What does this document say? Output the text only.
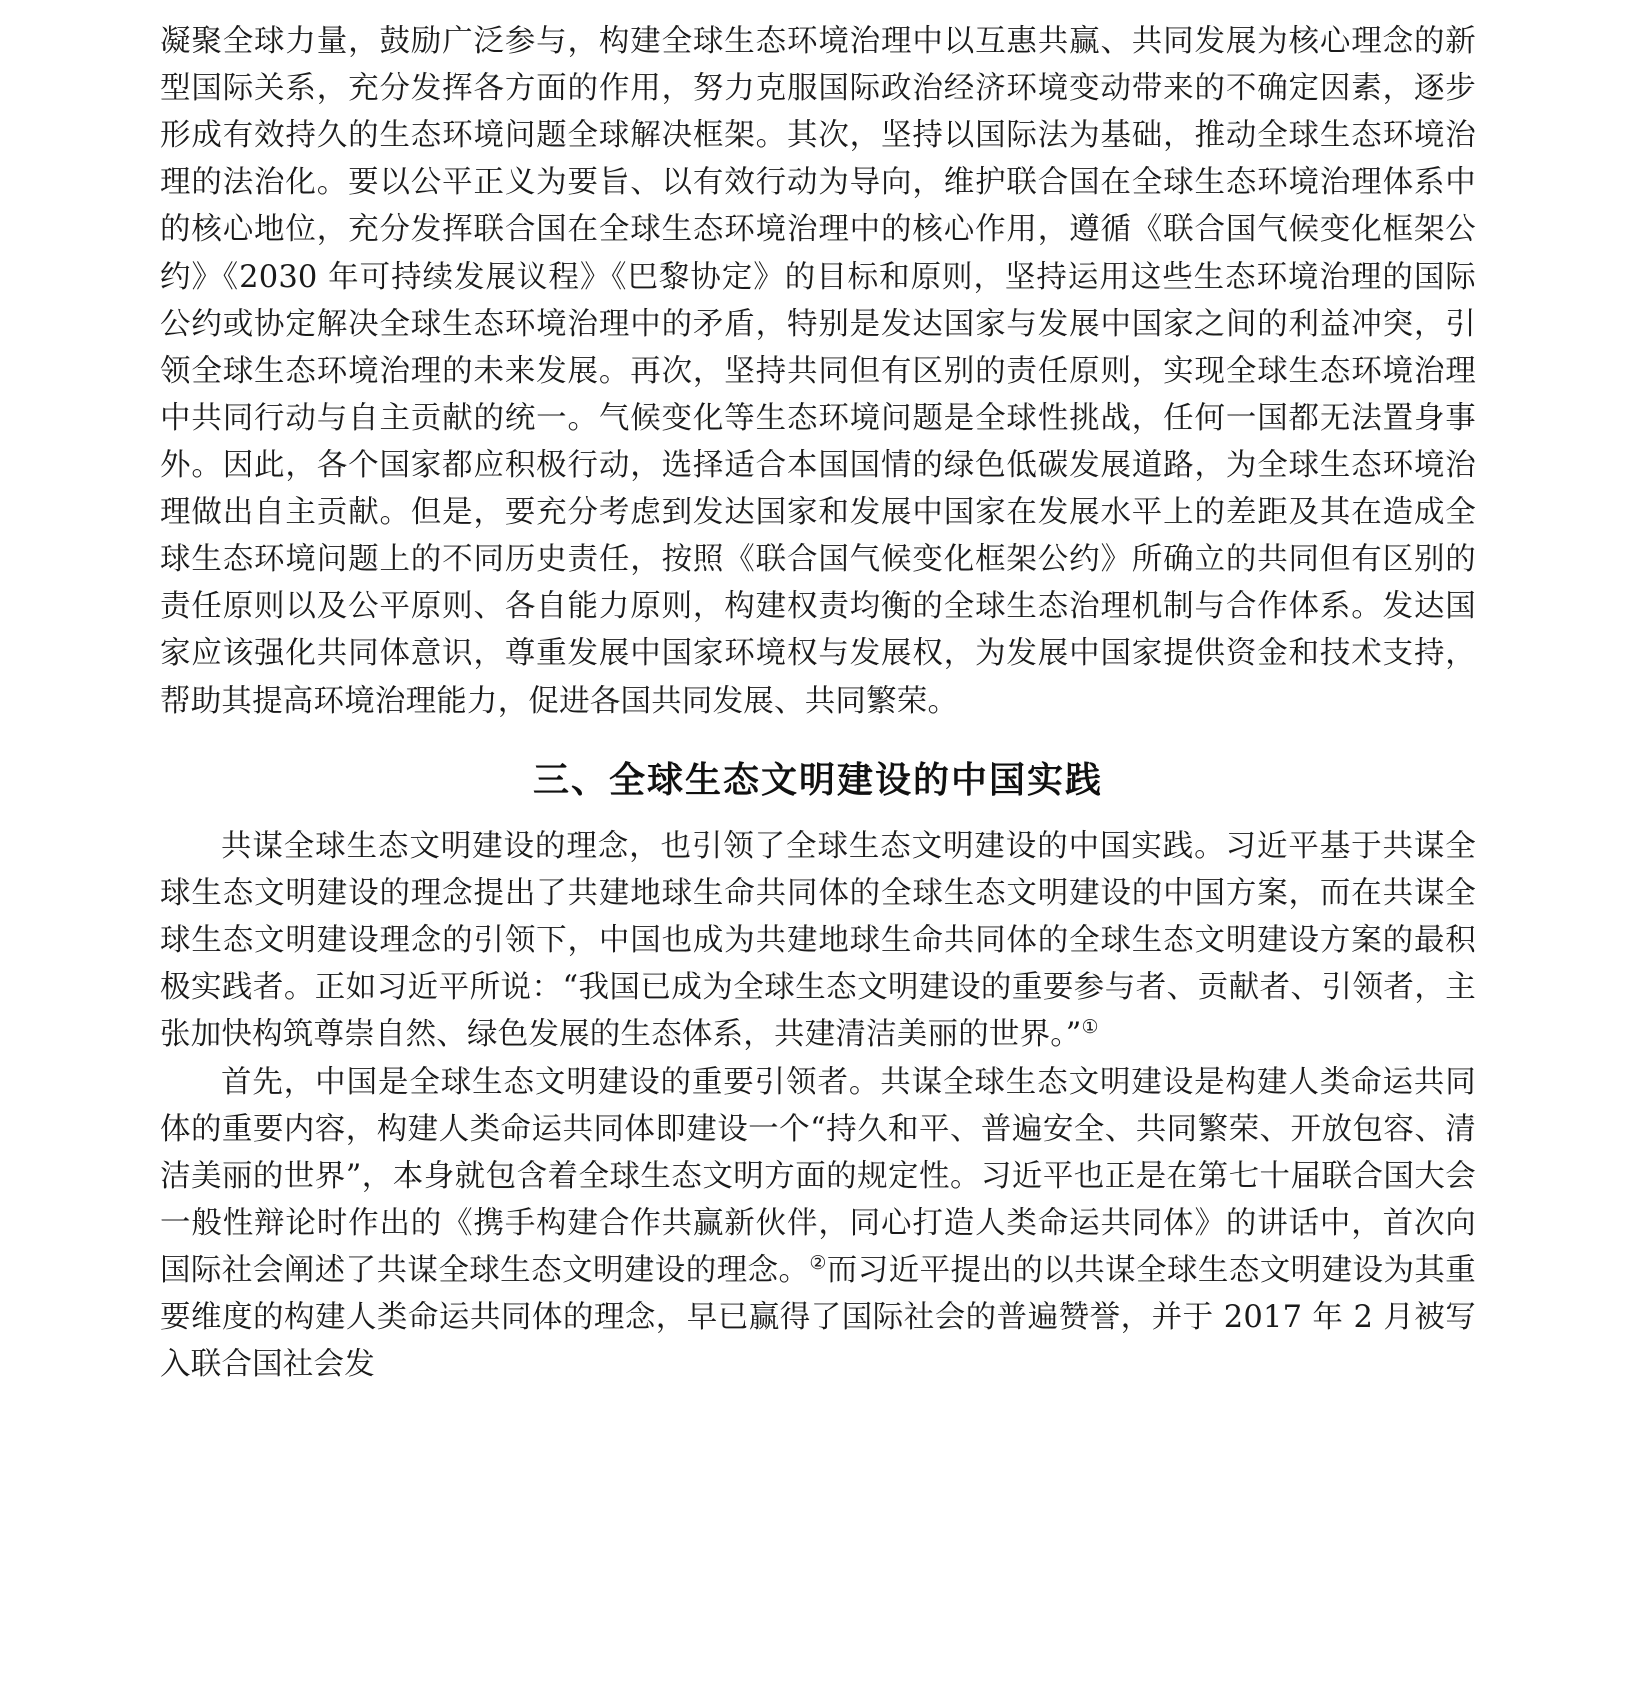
凝聚全球力量，鼓励广泛参与，构建全球生态环境治理中以互惠共赢、共同发展为核心理念的新型国际关系，充分发挥各方面的作用，努力克服国际政治经济环境变动带来的不确定因素，逐步形成有效持久的生态环境问题全球解决框架。其次，坚持以国际法为基础，推动全球生态环境治理的法治化。要以公平正义为要旨、以有效行动为导向，维护联合国在全球生态环境治理体系中的核心地位，充分发挥联合国在全球生态环境治理中的核心作用，遵循《联合国气候变化框架公约》《2030 年可持续发展议程》《巴黎协定》的目标和原则，坚持运用这些生态环境治理的国际公约或协定解决全球生态环境治理中的矛盾，特别是发达国家与发展中国家之间的利益冲突，引领全球生态环境治理的未来发展。再次，坚持共同但有区别的责任原则，实现全球生态环境治理中共同行动与自主贡献的统一。气候变化等生态环境问题是全球性挑战，任何一国都无法置身事外。因此，各个国家都应积极行动，选择适合本国国情的绿色低碳发展道路，为全球生态环境治理做出自主贡献。但是，要充分考虑到发达国家和发展中国家在发展水平上的差距及其在造成全球生态环境问题上的不同历史责任，按照《联合国气候变化框架公约》所确立的共同但有区别的责任原则以及公平原则、各自能力原则，构建权责均衡的全球生态治理机制与合作体系。发达国家应该强化共同体意识，尊重发展中国家环境权与发展权，为发展中国家提供资金和技术支持，帮助其提高环境治理能力，促进各国共同发展、共同繁荣。

三、全球生态文明建设的中国实践

共谋全球生态文明建设的理念，也引领了全球生态文明建设的中国实践。习近平基于共谋全球生态文明建设的理念提出了共建地球生命共同体的全球生态文明建设的中国方案，而在共谋全球生态文明建设理念的引领下，中国也成为共建地球生命共同体的全球生态文明建设方案的最积极实践者。正如习近平所说：“我国已成为全球生态文明建设的重要参与者、贡献者、引领者，主张加快构筑尊崇自然、绿色发展的生态体系，共建清洁美丽的世界。”①

首先，中国是全球生态文明建设的重要引领者。共谋全球生态文明建设是构建人类命运共同体的重要内容，构建人类命运共同体即建设一个“持久和平、普遍安全、共同繁荣、开放包容、清洁美丽的世界”，本身就包含着全球生态文明方面的规定性。习近平也正是在第七十届联合国大会一般性辩论时作出的《携手构建合作共赢新伙伴，同心打造人类命运共同体》的讲话中，首次向国际社会阐述了共谋全球生态文明建设的理念。②而习近平提出的以共谋全球生态文明建设为其重要维度的构建人类命运共同体的理念，早已赢得了国际社会的普遍赞誉，并于 2017 年 2 月被写入联合国社会发
